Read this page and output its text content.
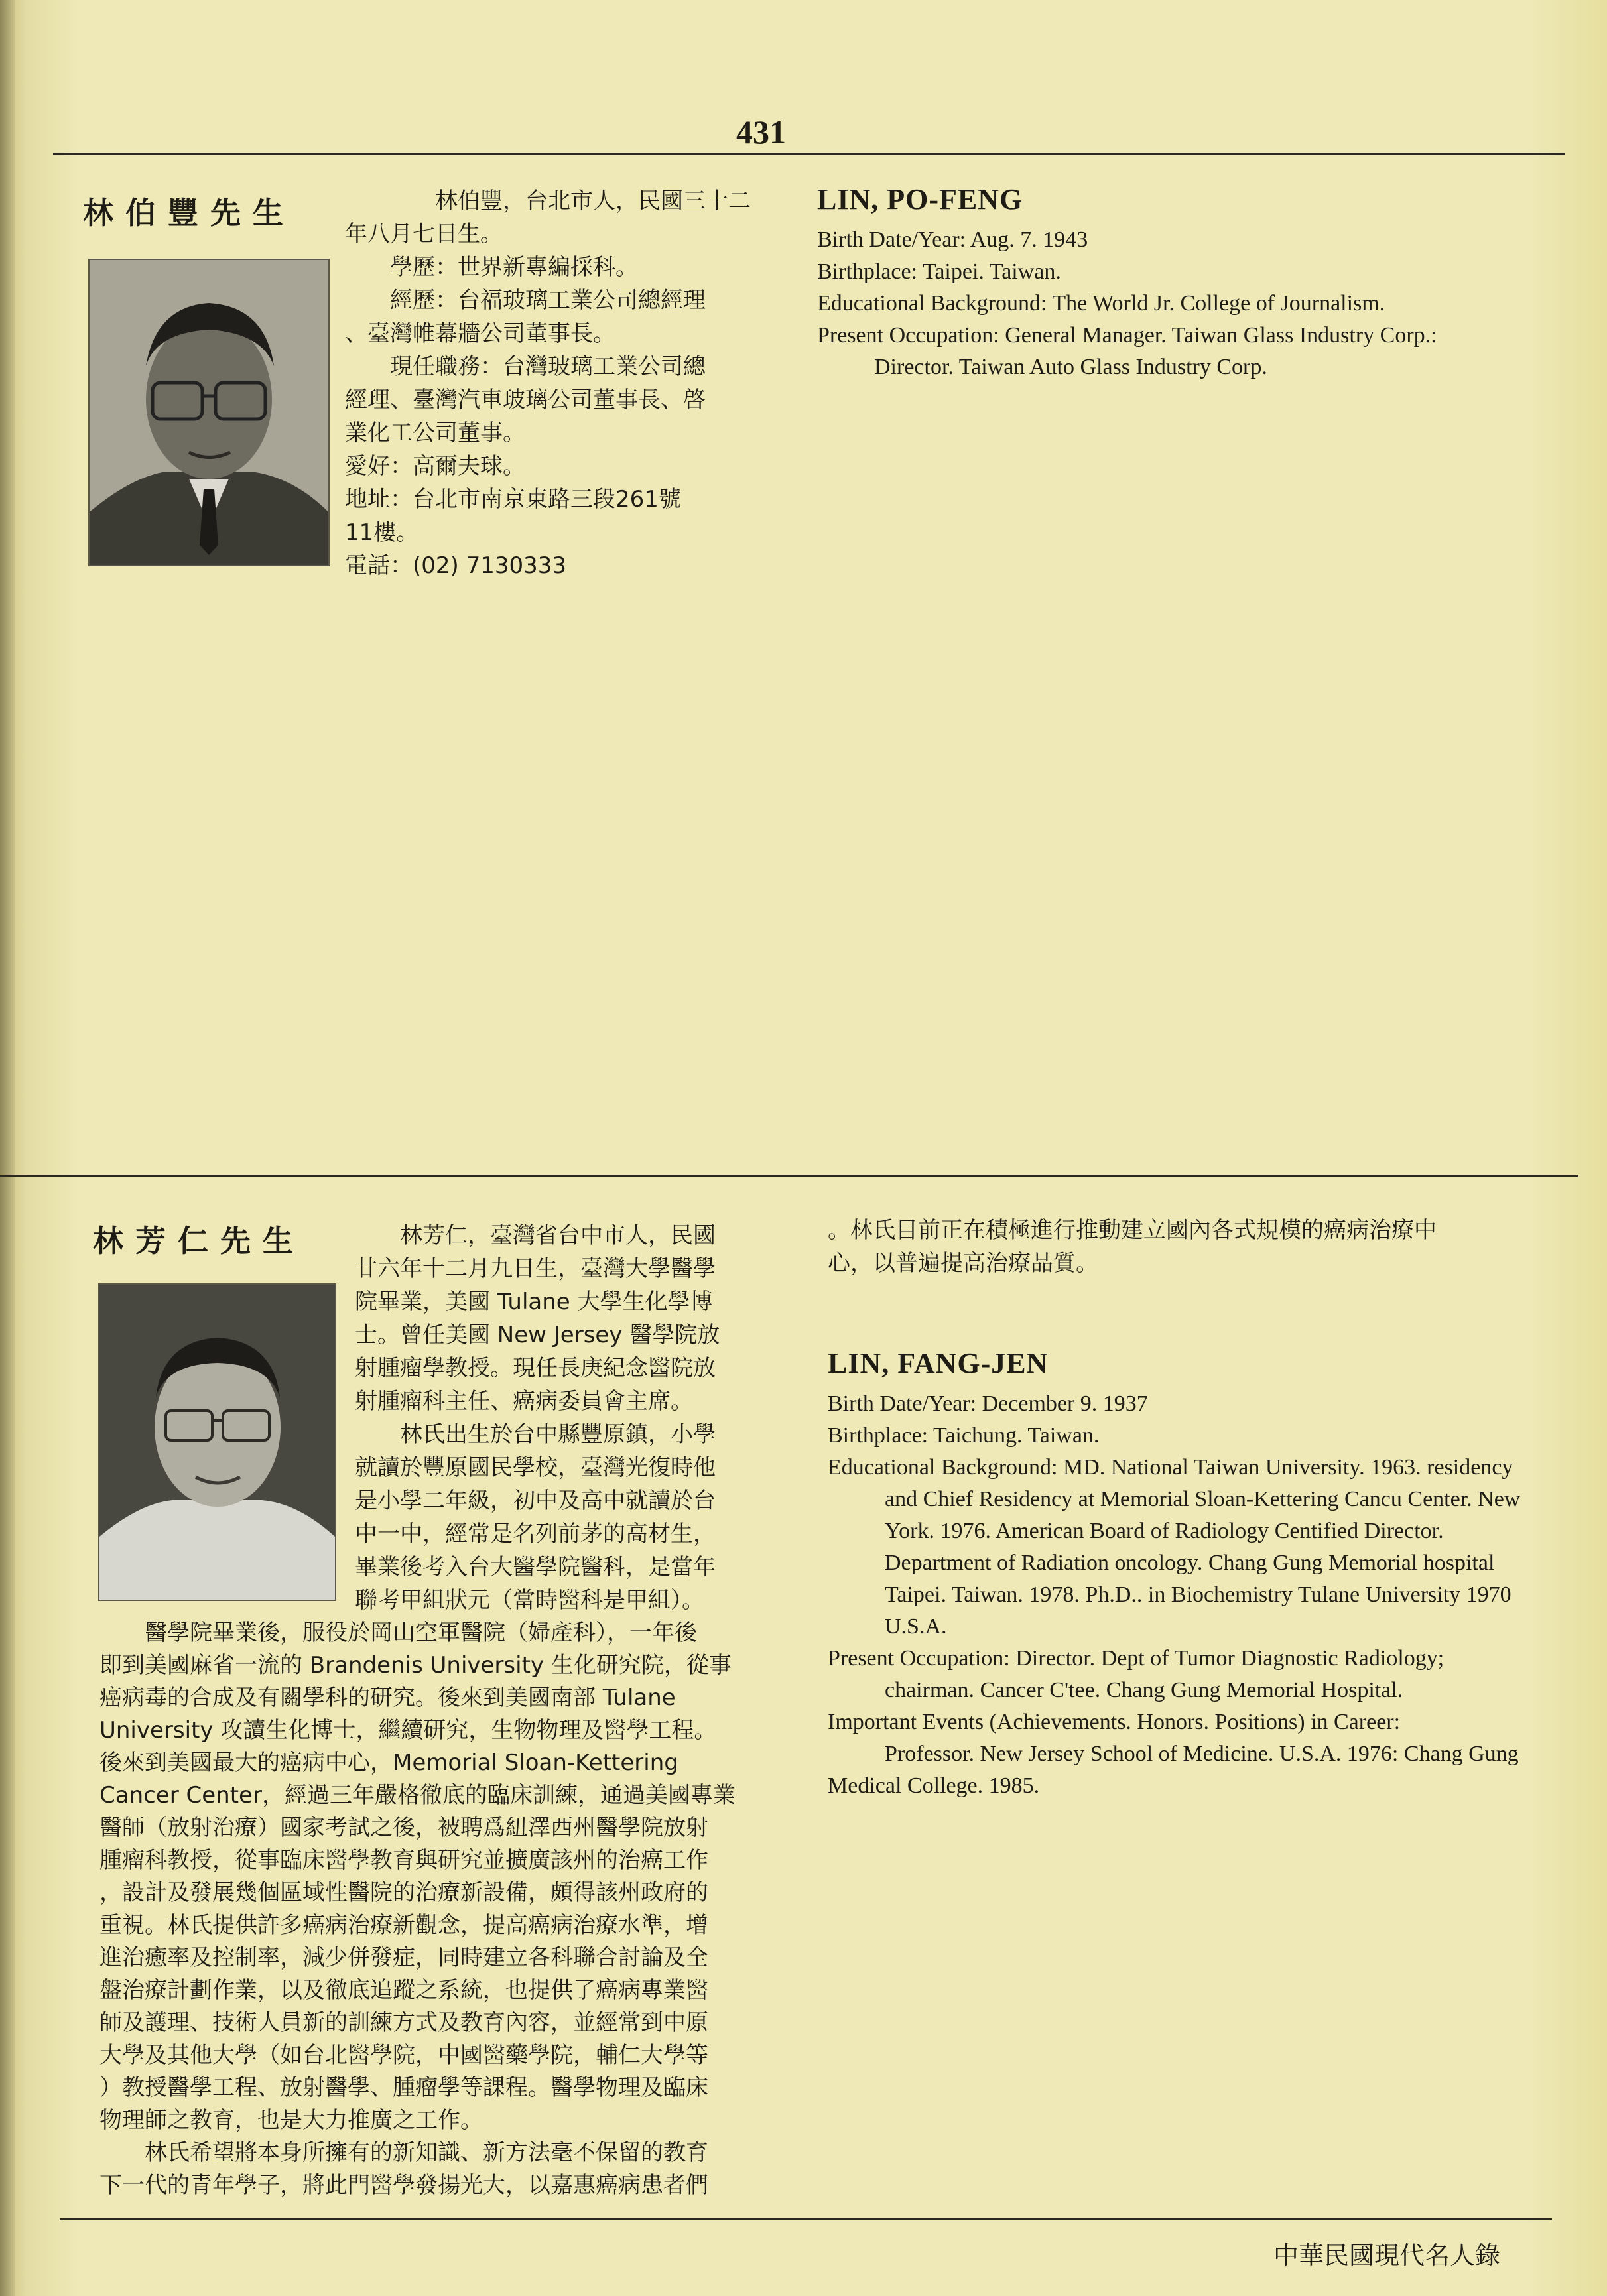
431
林伯豐先生	　　　　林伯豐，台北市人，民國三十二
年八月七日生。
　　學歷：世界新專編採科。
　　經歷：台福玻璃工業公司總經理
、臺灣帷幕牆公司董事長。
　　現任職務：台灣玻璃工業公司總
經理、臺灣汽車玻璃公司董事長、啓
業化工公司董事。
愛好：高爾夫球。
地址：台北市南京東路三段261號
11樓。
電話：(02) 7130333

LIN, PO-FENG

Birth Date/Year: Aug. 7. 1943

Birthplace: Taipei. Taiwan.

Educational Background: The World Jr. College of Journalism.

Present Occupation: General Manager. Taiwan Glass Industry Corp.: Director. Taiwan Auto Glass Industry Corp.

林芳仁先生	　　林芳仁，臺灣省台中市人，民國
廿六年十二月九日生，臺灣大學醫學
院畢業，美國 Tulane 大學生化學博
士。曾任美國 New Jersey 醫學院放
射腫瘤學教授。現任長庚紀念醫院放
射腫瘤科主任、癌病委員會主席。
　　林氏出生於台中縣豐原鎮，小學
就讀於豐原國民學校，臺灣光復時他
是小學二年級，初中及高中就讀於台
中一中，經常是名列前茅的高材生，
畢業後考入台大醫學院醫科，是當年
聯考甲組狀元（當時醫科是甲組）。
　　醫學院畢業後，服役於岡山空軍醫院（婦產科），一年後
即到美國麻省一流的 Brandenis University 生化研究院，從事
癌病毒的合成及有關學科的研究。後來到美國南部 Tulane
University 攻讀生化博士，繼續研究，生物物理及醫學工程。
後來到美國最大的癌病中心，Memorial Sloan-Kettering
Cancer Center，經過三年嚴格徹底的臨床訓練，通過美國專業
醫師（放射治療）國家考試之後，被聘爲紐澤西州醫學院放射
腫瘤科教授，從事臨床醫學教育與研究並擴廣該州的治癌工作
，設計及發展幾個區域性醫院的治療新設備，頗得該州政府的
重視。林氏提供許多癌病治療新觀念，提高癌病治療水準，增
進治癒率及控制率，減少併發症，同時建立各科聯合討論及全
盤治療計劃作業，以及徹底追蹤之系統，也提供了癌病專業醫
師及護理、技術人員新的訓練方式及教育內容，並經常到中原
大學及其他大學（如台北醫學院，中國醫藥學院，輔仁大學等
）教授醫學工程、放射醫學、腫瘤學等課程。醫學物理及臨床
物理師之教育，也是大力推廣之工作。
　　林氏希望將本身所擁有的新知識、新方法毫不保留的教育
下一代的青年學子，將此門醫學發揚光大，以嘉惠癌病患者們
。林氏目前正在積極進行推動建立國內各式規模的癌病治療中
心，以普遍提高治療品質。

LIN, FANG-JEN

Birth Date/Year: December 9. 1937

Birthplace: Taichung. Taiwan.

Educational Background: MD. National Taiwan University. 1963. residency and Chief Residency at Memorial Sloan-Kettering Cancu Center. New York. 1976. American Board of Radiology Centified Director. Department of Radiation oncology. Chang Gung Memorial hospital Taipei. Taiwan. 1978. Ph.D.. in Biochemistry Tulane University 1970 U.S.A.

Present Occupation: Director. Dept of Tumor Diagnostic Radiology; chairman. Cancer C'tee. Chang Gung Memorial Hospital.

Important Events (Achievements. Honors. Positions) in Career:

Professor. New Jersey School of Medicine. U.S.A. 1976: Chang Gung Medical College. 1985.

中華民國現代名人錄
